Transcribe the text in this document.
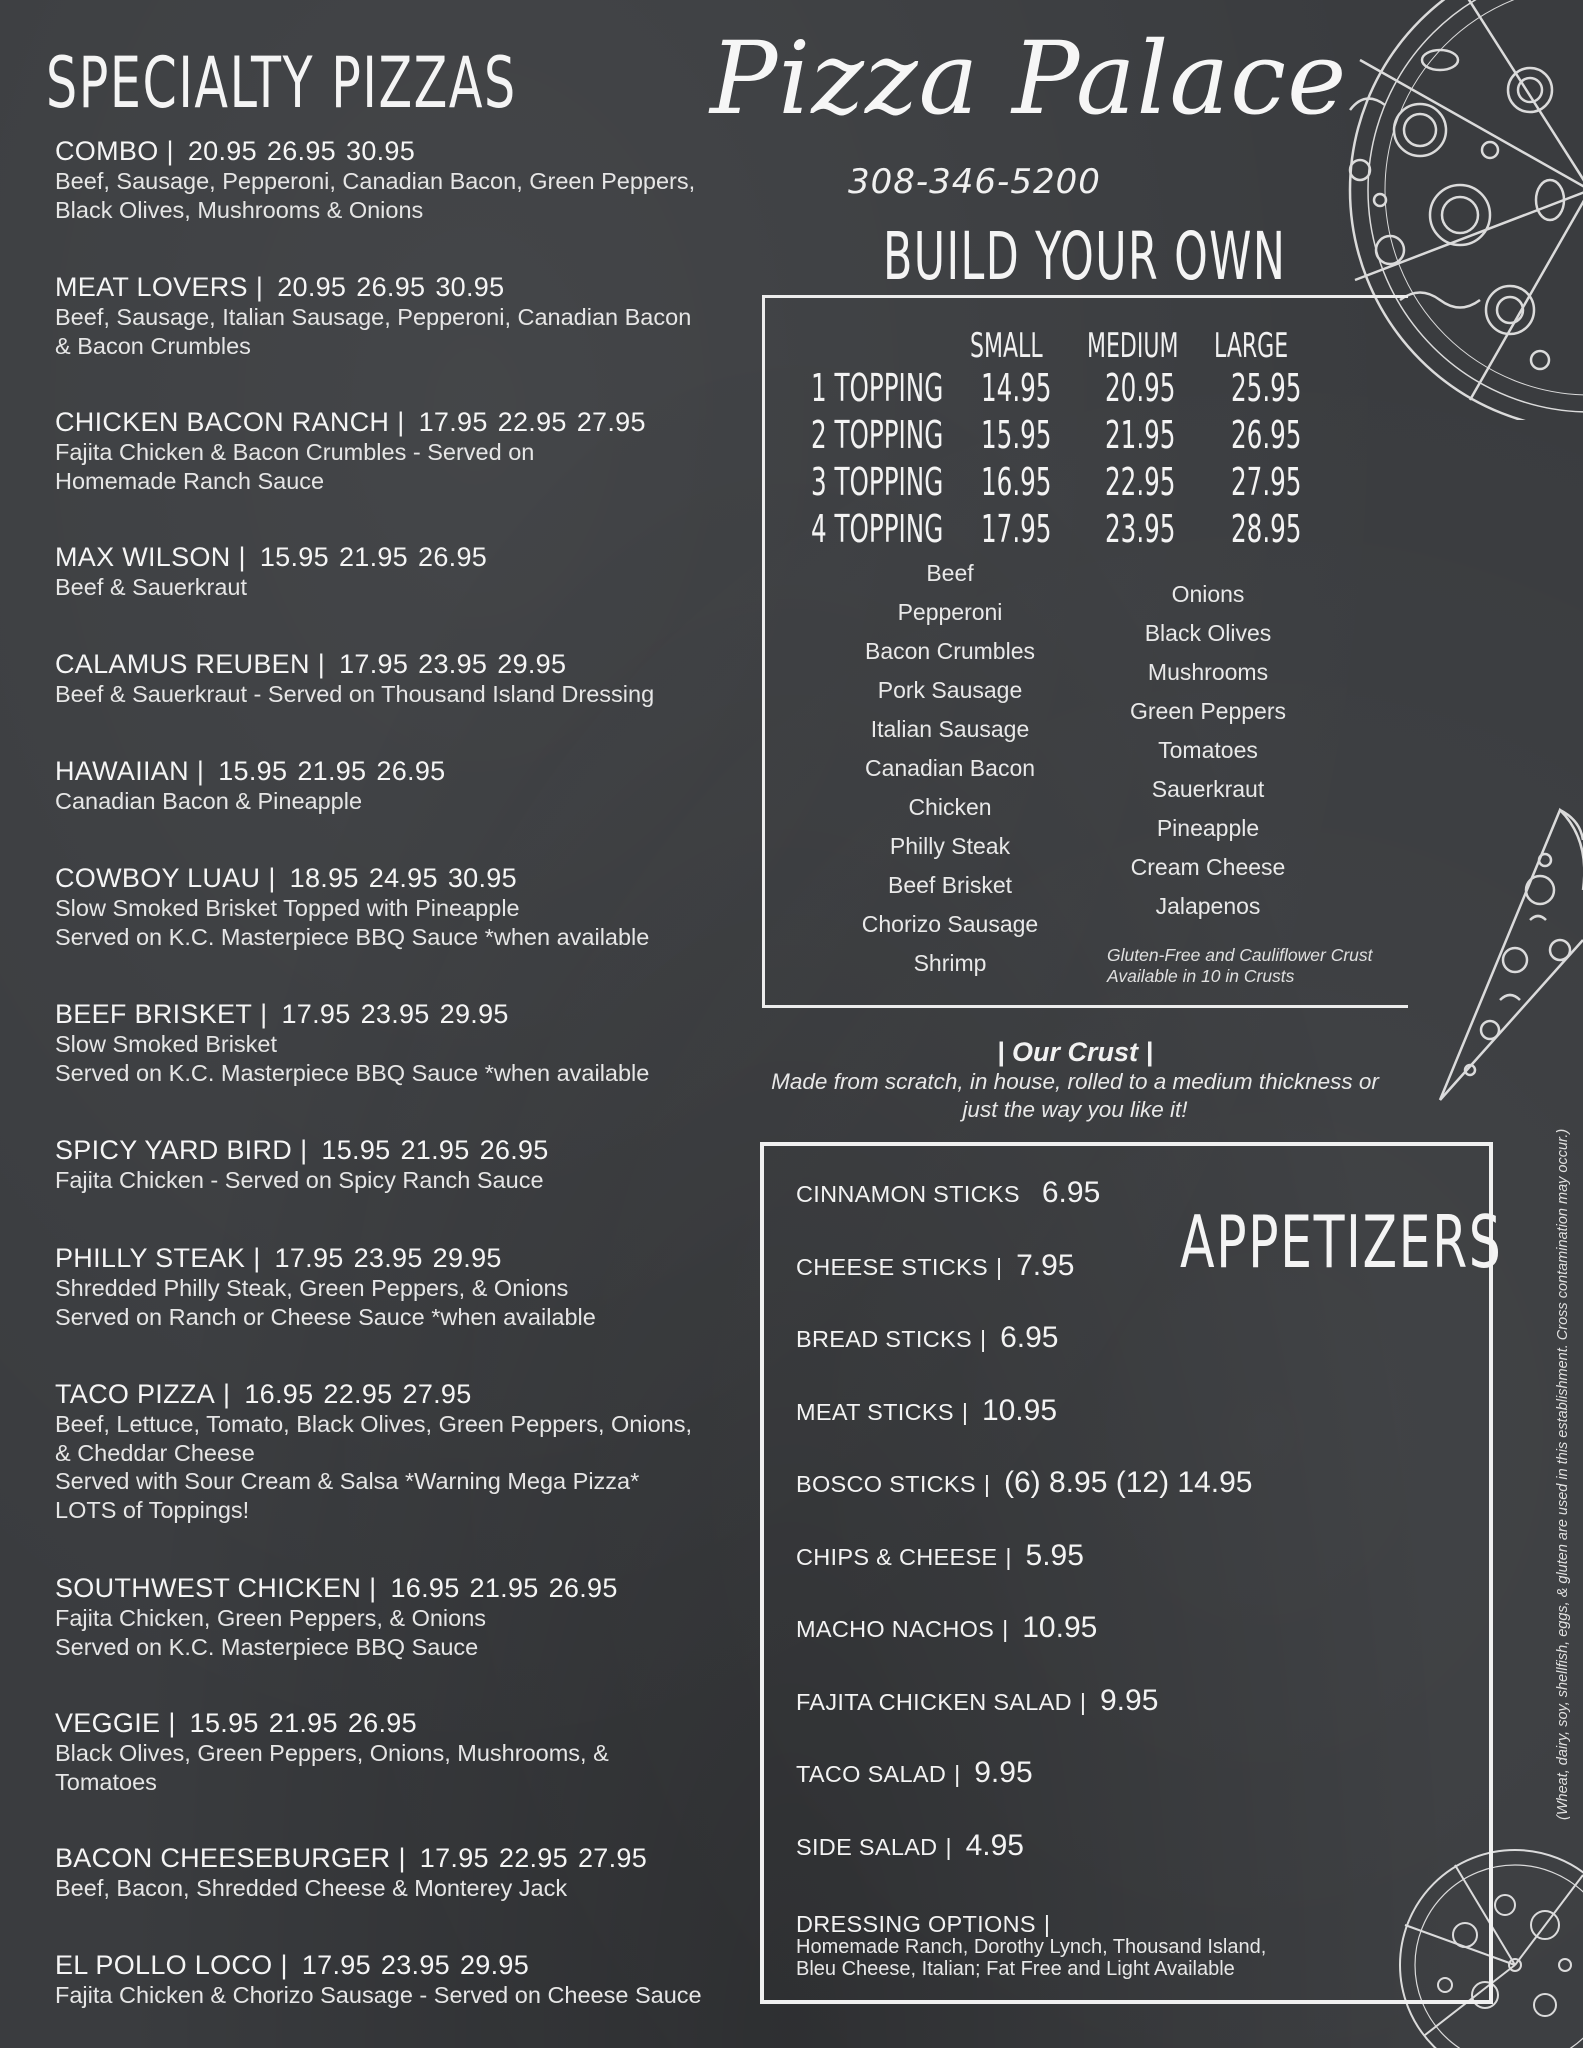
SPECIALTY PIZZAS
COMBO | 20.95 26.95 30.95
Beef, Sausage, Pepperoni, Canadian Bacon, Green Peppers,
Black Olives, Mushrooms & Onions
MEAT LOVERS | 20.95 26.95 30.95
Beef, Sausage, Italian Sausage, Pepperoni, Canadian Bacon
& Bacon Crumbles
CHICKEN BACON RANCH | 17.95 22.95 27.95
Fajita Chicken & Bacon Crumbles - Served on
Homemade Ranch Sauce
MAX WILSON | 15.95 21.95 26.95
Beef & Sauerkraut
CALAMUS REUBEN | 17.95 23.95 29.95
Beef & Sauerkraut - Served on Thousand Island Dressing
HAWAIIAN | 15.95 21.95 26.95
Canadian Bacon & Pineapple
COWBOY LUAU | 18.95 24.95 30.95
Slow Smoked Brisket Topped with Pineapple
Served on K.C. Masterpiece BBQ Sauce *when available
BEEF BRISKET | 17.95 23.95 29.95
Slow Smoked Brisket
Served on K.C. Masterpiece BBQ Sauce *when available
SPICY YARD BIRD | 15.95 21.95 26.95
Fajita Chicken - Served on Spicy Ranch Sauce
PHILLY STEAK | 17.95 23.95 29.95
Shredded Philly Steak, Green Peppers, & Onions
Served on Ranch or Cheese Sauce *when available
TACO PIZZA | 16.95 22.95 27.95
Beef, Lettuce, Tomato, Black Olives, Green Peppers, Onions,
& Cheddar Cheese
Served with Sour Cream & Salsa *Warning Mega Pizza*
LOTS of Toppings!
SOUTHWEST CHICKEN | 16.95 21.95 26.95
Fajita Chicken, Green Peppers, & Onions
Served on K.C. Masterpiece BBQ Sauce
VEGGIE | 15.95 21.95 26.95
Black Olives, Green Peppers, Onions, Mushrooms, &
Tomatoes
BACON CHEESEBURGER | 17.95 22.95 27.95
Beef, Bacon, Shredded Cheese & Monterey Jack
EL POLLO LOCO | 17.95 23.95 29.95
Fajita Chicken & Chorizo Sausage - Served on Cheese Sauce
Pizza Palace
308-346-5200
BUILD YOUR OWN
SMALL MEDIUM LARGE
1 TOPPING 14.95 20.95 25.95
2 TOPPING 15.95 21.95 26.95
3 TOPPING 16.95 22.95 27.95
4 TOPPING 17.95 23.95 28.95
Beef
Pepperoni
Bacon Crumbles
Pork Sausage
Italian Sausage
Canadian Bacon
Chicken
Philly Steak
Beef Brisket
Chorizo Sausage
Shrimp
Onions
Black Olives
Mushrooms
Green Peppers
Tomatoes
Sauerkraut
Pineapple
Cream Cheese
Jalapenos
Gluten-Free and Cauliflower Crust
Available in 10 in Crusts
| Our Crust |
Made from scratch, in house, rolled to a medium thickness or
just the way you like it!
CINNAMON STICKS 6.95
CHEESE STICKS | 7.95
BREAD STICKS | 6.95
MEAT STICKS | 10.95
BOSCO STICKS | (6) 8.95 (12) 14.95
CHIPS & CHEESE | 5.95
MACHO NACHOS | 10.95
FAJITA CHICKEN SALAD | 9.95
TACO SALAD | 9.95
SIDE SALAD | 4.95
DRESSING OPTIONS |
Homemade Ranch, Dorothy Lynch, Thousand Island,
Bleu Cheese, Italian; Fat Free and Light Available
APPETIZERS	(Wheat, dairy, soy, shellfish, eggs, & gluten are used in this establishment. Cross contamination may occur.)
